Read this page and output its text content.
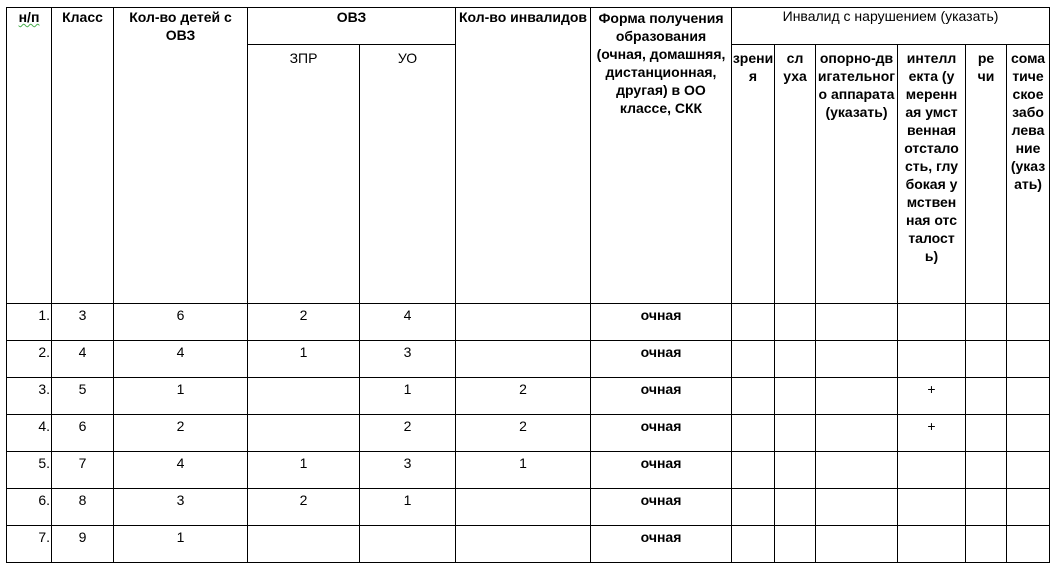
н/п	Класс	Кол-во детей с ОВЗ	ОВЗ		Кол-во инвалидов	Форма получения образования (очная, домашняя, дистанционная, другая) в ОО классе, СКК	Инвалид с нарушением (указать)					
			ЗПР	УО			зрения	слуха	опорно-двигательного аппарата (указать)	интеллекта (умеренная умственная отсталость, глубокая умственная отсталость)	речи	соматическое заболевание (указать)
1.	3	6	2	4		очная						
2.	4	4	1	3		очная						
3.	5	1		1	2	очная				+		
4.	6	2		2	2	очная				+		
5.	7	4	1	3	1	очная						
6.	8	3	2	1		очная						
7.	9	1				очная						
